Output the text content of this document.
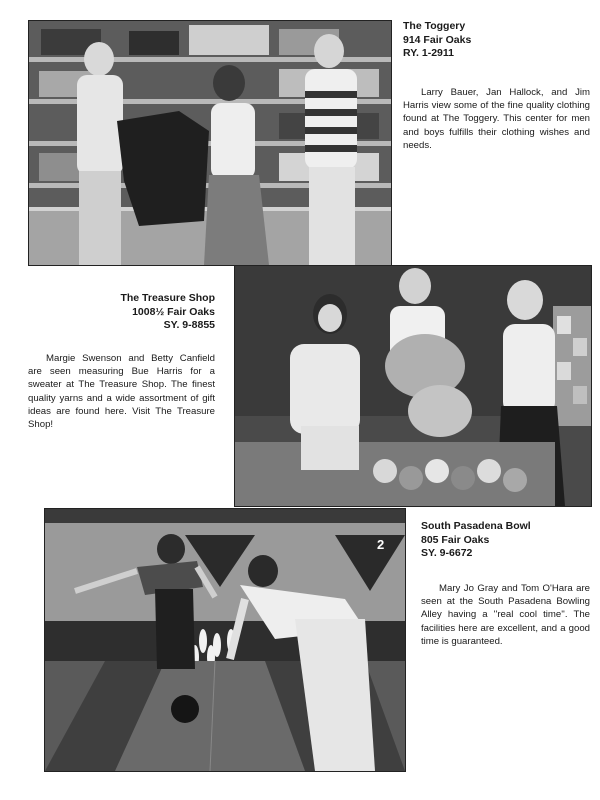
The Toggery
914 Fair Oaks
RY. 1-2911

Larry Bauer, Jan Hallock, and Jim Harris view some of the fine quality clothing found at The Toggery. This center for men and boys fulfills their clothing wishes and needs.

The Treasure Shop
1008½ Fair Oaks
SY. 9-8855

Margie Swenson and Betty Canfield are seen measuring Bue Harris for a sweater at The Treasure Shop. The finest quality yarns and a wide assortment of gift ideas are found here. Visit The Treasure Shop!

2
South Pasadena Bowl
805 Fair Oaks
SY. 9-6672

Mary Jo Gray and Tom O'Hara are seen at the South Pasadena Bowling Alley having a ''real cool time''. The facilities here are excellent, and a good time is guaranteed.
